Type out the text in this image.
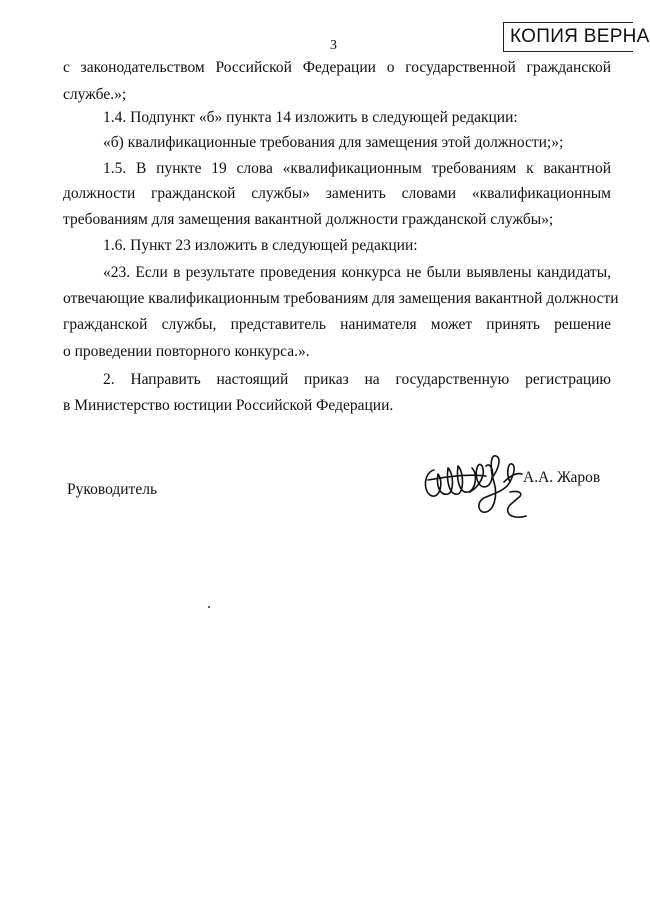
3	КОПИЯ ВЕРНА
с законодательством Российской Федерации о государственной гражданской
службе.»;
1.4. Подпункт «б» пункта 14 изложить в следующей редакции:
«б) квалификационные требования для замещения этой должности;»;
1.5. В пункте 19 слова «квалификационным требованиям к вакантной
должности гражданской службы» заменить словами «квалификационным
требованиям для замещения вакантной должности гражданской службы»;
1.6. Пункт 23 изложить в следующей редакции:
«23. Если в результате проведения конкурса не были выявлены кандидаты,
отвечающие квалификационным требованиям для замещения вакантной должности
гражданской службы, представитель нанимателя может принять решение
о проведении повторного конкурса.».
2. Направить настоящий приказ на государственную регистрацию
в Министерство юстиции Российской Федерации.
Руководитель
А.А. Жаров
